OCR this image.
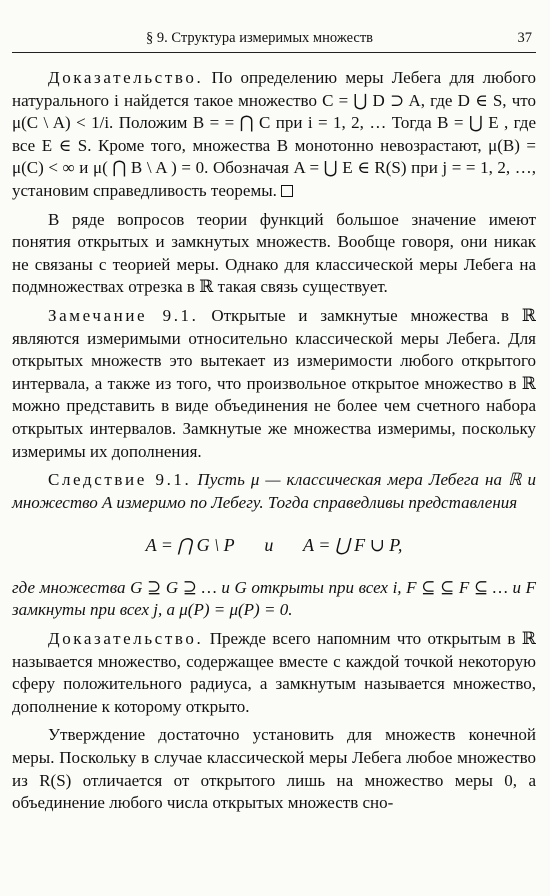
§ 9. Структура измеримых множеств	37

Доказательство. По определению меры Лебега для любого натурального i найдется такое множество C = ⋃ D ⊃ A, где D ∈ S, что μ(C \ A) < 1/i. Положим B = = ⋂ C при i = 1, 2, … Тогда B = ⋃ E , где все E ∈ S. Кроме того, множества B монотонно невозрастают, μ(B) = μ(C) < ∞ и μ( ⋂ B \ A ) = 0. Обозначая A = ⋃ E ∈ R(S) при j = = 1, 2, …, установим справедливость теоремы.

В ряде вопросов теории функций большое значение имеют понятия открытых и замкнутых множеств. Вообще говоря, они никак не связаны с теорией меры. Однако для классической меры Лебега на подмножествах отрезка в ℝ такая связь существует.

Замечание 9.1. Открытые и замкнутые множества в ℝ являются измеримыми относительно классической меры Лебега. Для открытых множеств это вытекает из измеримости любого открытого интервала, а также из того, что произвольное открытое множество в ℝ можно представить в виде объединения не более чем счетного набора открытых интервалов. Замкнутые же множества измеримы, поскольку измеримы их дополнения.

Следствие 9.1. Пусть μ — классическая мера Лебега на ℝ и множество A измеримо по Лебегу. Тогда справедливы представления

A = ⋂ G \ P и A = ⋃ F ∪ P,

где множества G ⊇ G ⊇ … и G открыты при всех i, F ⊆ ⊆ F ⊆ … и F замкнуты при всех j, а μ(P) = μ(P) = 0.

Доказательство. Прежде всего напомним что открытым в ℝ называется множество, содержащее вместе с каждой точкой некоторую сферу положительного радиуса, а замкнутым называется множество, дополнение к которому открыто.

Утверждение достаточно установить для множеств конечной меры. Поскольку в случае классической меры Лебега любое множество из R(S) отличается от открытого лишь на множество меры 0, а объединение любого числа открытых множеств сно-
